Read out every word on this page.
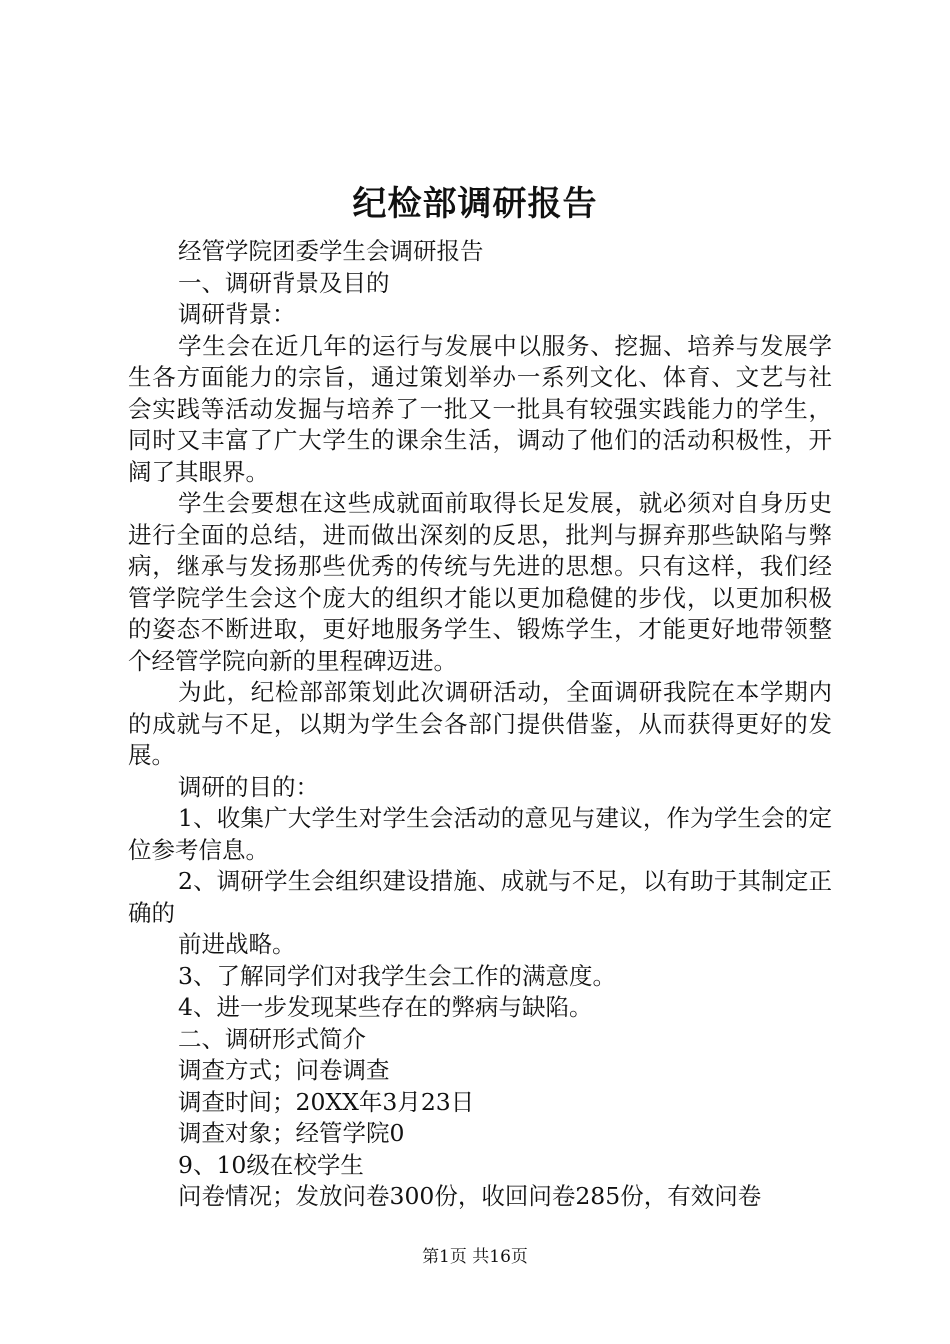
纪检部调研报告

经管学院团委学生会调研报告

一、调研背景及目的

调研背景：

学生会在近几年的运行与发展中以服务、挖掘、培养与发展学生各方面能力的宗旨，通过策划举办一系列文化、体育、文艺与社会实践等活动发掘与培养了一批又一批具有较强实践能力的学生，同时又丰富了广大学生的课余生活，调动了他们的活动积极性，开阔了其眼界。

学生会要想在这些成就面前取得长足发展，就必须对自身历史进行全面的总结，进而做出深刻的反思，批判与摒弃那些缺陷与弊病，继承与发扬那些优秀的传统与先进的思想。只有这样，我们经管学院学生会这个庞大的组织才能以更加稳健的步伐，以更加积极的姿态不断进取，更好地服务学生、锻炼学生，才能更好地带领整个经管学院向新的里程碑迈进。

为此，纪检部部策划此次调研活动，全面调研我院在本学期内的成就与不足，以期为学生会各部门提供借鉴，从而获得更好的发展。

调研的目的：

1、收集广大学生对学生会活动的意见与建议，作为学生会的定位参考信息。

2、调研学生会组织建设措施、成就与不足，以有助于其制定正确的

前进战略。

3、了解同学们对我学生会工作的满意度。

4、进一步发现某些存在的弊病与缺陷。

二、调研形式简介

调查方式；问卷调查

调查时间；20XX年3月23日

调查对象；经管学院0

9、10级在校学生

问卷情况；发放问卷300份，收回问卷285份，有效问卷

第1页 共16页
